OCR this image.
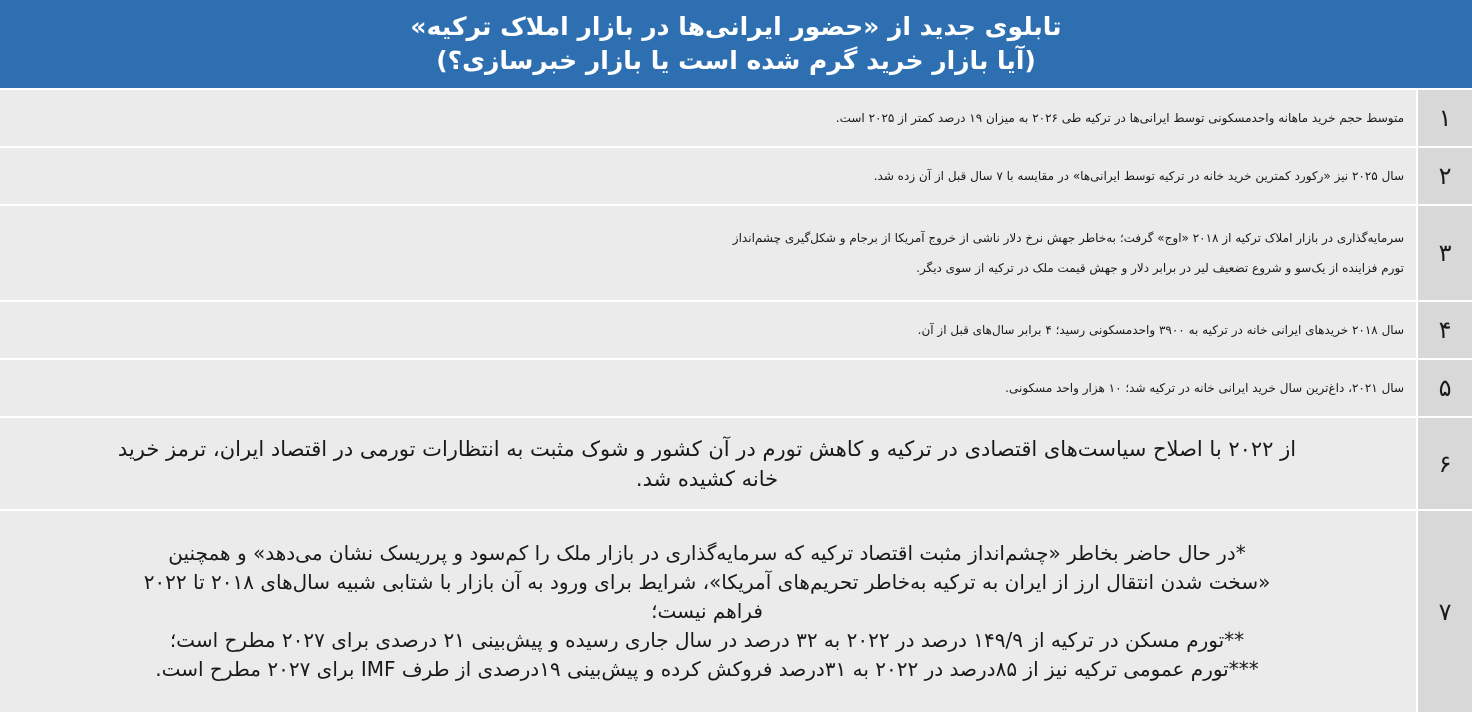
تابلوی جدید از «حضور ایرانی‌ها در بازار املاک ترکیه»
(آیا بازار خرید گرم شده است یا بازار خبرسازی؟)
۱
متوسط حجم خرید ماهانه واحدمسکونی توسط ایرانی‌ها در ترکیه طی ۲۰۲۶ به میزان ۱۹ درصد کمتر از ۲۰۲۵ است.
۲
سال ۲۰۲۵ نیز «رکورد کمترین خرید خانه در ترکیه توسط ایرانی‌ها» در مقایسه با ۷ سال قبل از آن زده شد.
۳
سرمایه‌گذاری در بازار املاک ترکیه از ۲۰۱۸ «اوج» گرفت؛ به‌خاطر جهش نرخ دلار ناشی از خروج آمریکا از برجام و شکل‌گیری چشم‌انداز
تورم فزاینده از یک‌سو و شروع تضعیف لیر در برابر دلار و جهش قیمت ملک در ترکیه از سوی دیگر.
۴
سال ۲۰۱۸ خریدهای ایرانی خانه در ترکیه به ۳۹۰۰ واحدمسکونی رسید؛ ۴ برابر سال‌های قبل از آن.
۵
سال ۲۰۲۱، داغ‌ترین سال خرید ایرانی خانه در ترکیه شد؛ ۱۰ هزار واحد مسکونی.
۶
از ۲۰۲۲ با اصلاح سیاست‌های اقتصادی در ترکیه و کاهش تورم در آن کشور و شوک مثبت به انتظارات تورمی در اقتصاد ایران، ترمز خرید
خانه کشیده شد.
۷
*در حال حاضر بخاطر «چشم‌انداز مثبت اقتصاد ترکیه که سرمایه‌گذاری در بازار ملک را کم‌سود و پرریسک نشان می‌دهد» و همچنین
«سخت شدن انتقال ارز از ایران به ترکیه به‌خاطر تحریم‌های آمریکا»، شرایط برای ورود به آن بازار با شتابی شبیه سال‌های ۲۰۱۸ تا ۲۰۲۲
فراهم نیست؛
**تورم مسکن در ترکیه از ۱۴۹/۹ درصد در ۲۰۲۲ به ۳۲ درصد در سال جاری رسیده و پیش‌بینی ۲۱ درصدی برای ۲۰۲۷ مطرح است؛
***تورم عمومی ترکیه نیز از ۸۵درصد در ۲۰۲۲ به ۳۱درصد فروکش کرده و پیش‌بینی ۱۹درصدی از طرف IMF برای ۲۰۲۷ مطرح است.
